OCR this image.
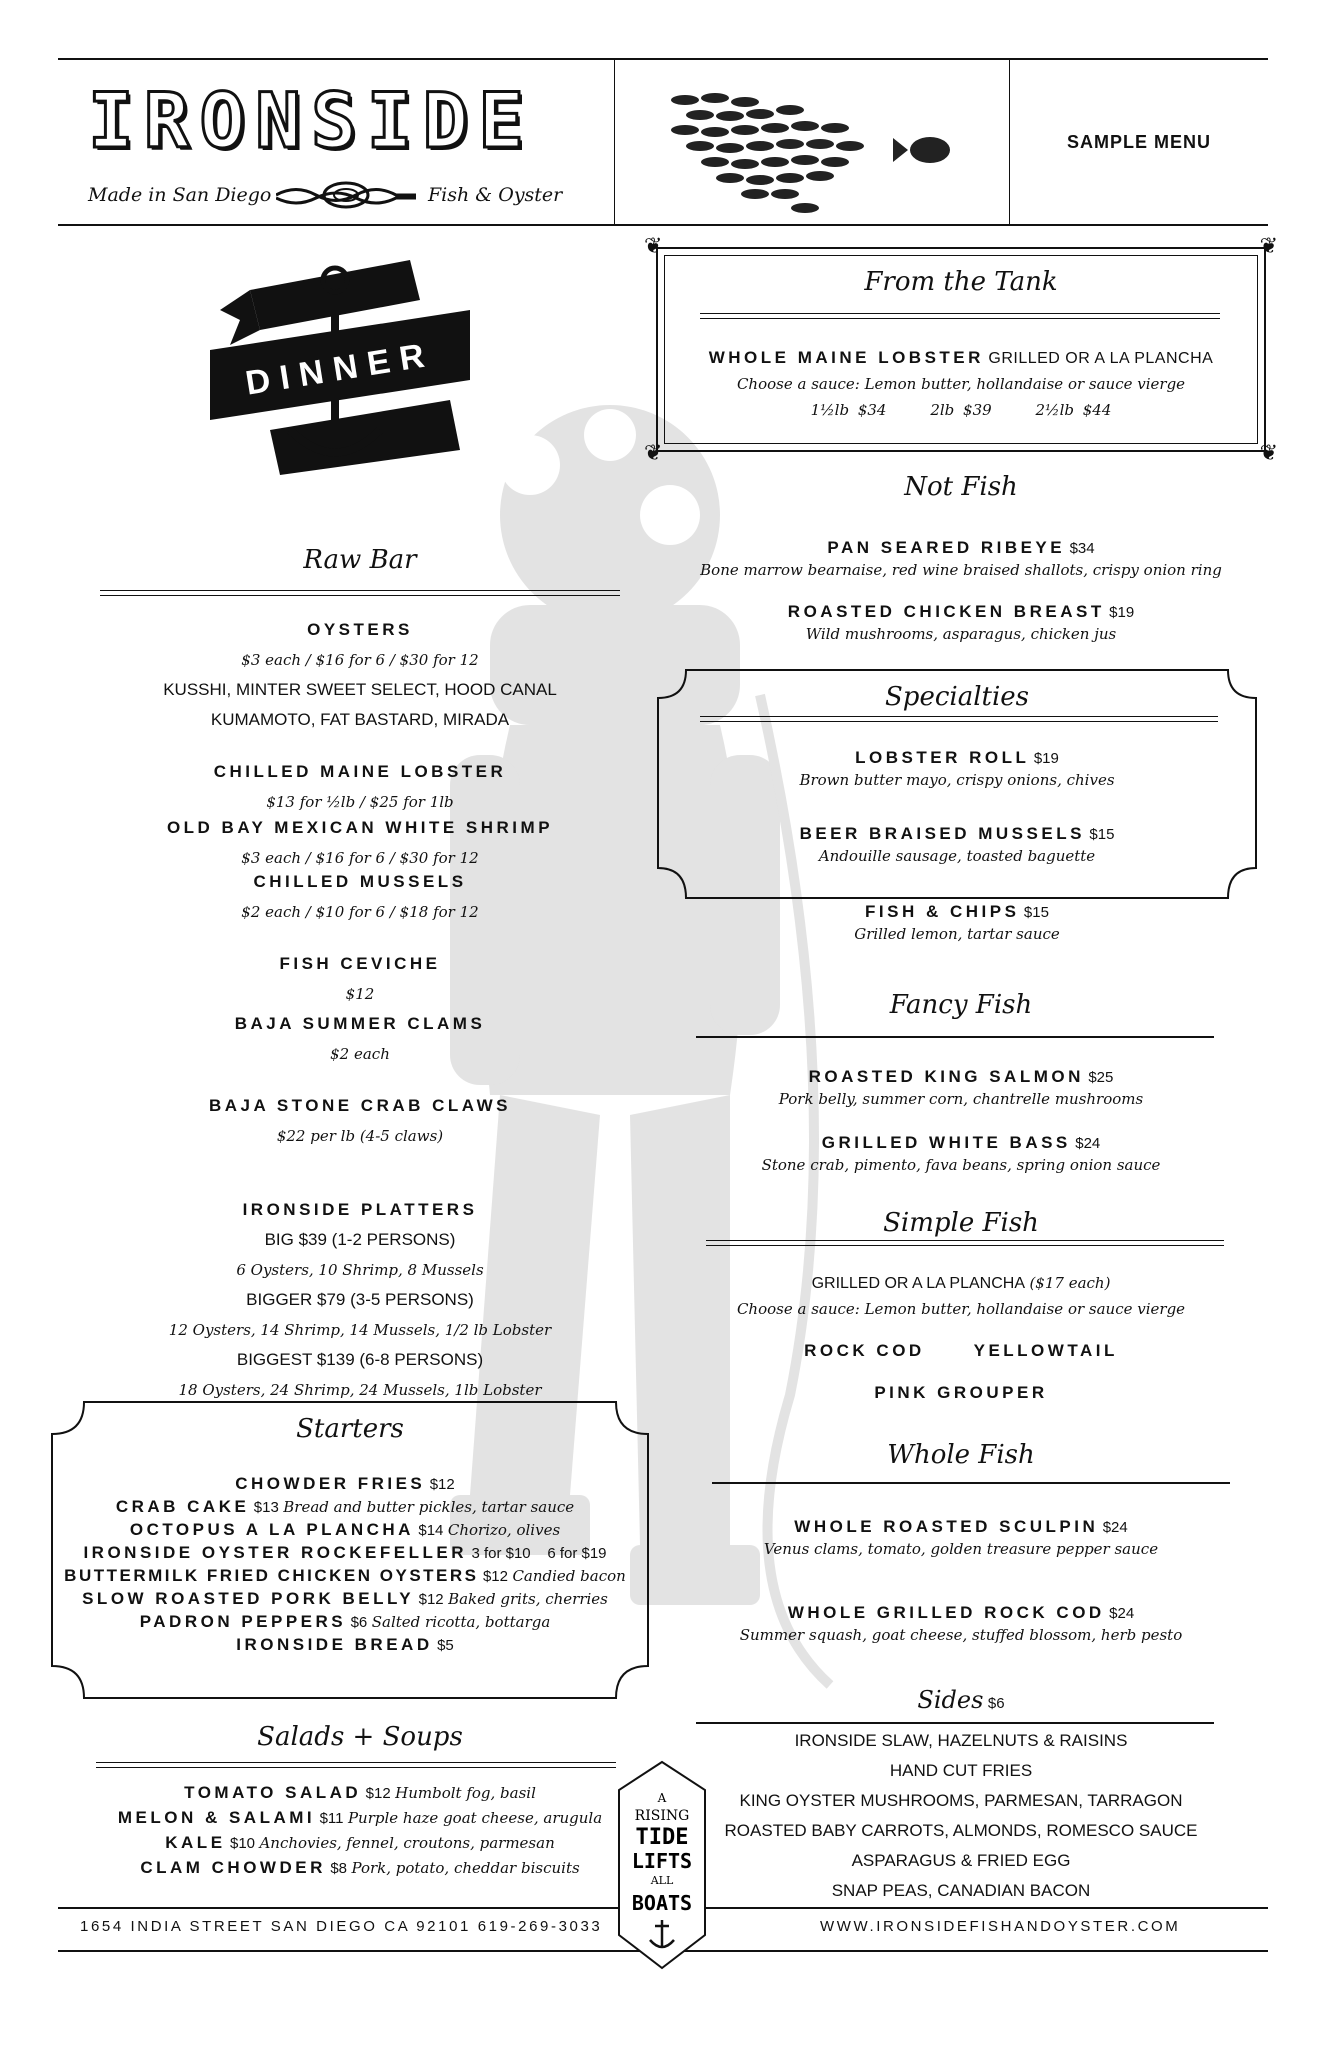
IRONSIDE
Made in San Diego	Fish & Oyster
SAMPLE MENU
DINNER
❦	❦
❦	❦
From the Tank
WHOLE MAINE LOBSTER GRILLED OR A LA PLANCHA
Choose a sauce: Lemon butter, hollandaise or sauce vierge
1½lb $34	2lb $39	2½lb $44
Not Fish
PAN SEARED RIBEYE $34
Bone marrow bearnaise, red wine braised shallots, crispy onion ring
ROASTED CHICKEN BREAST $19
Wild mushrooms, asparagus, chicken jus
Specialties
LOBSTER ROLL $19
Brown butter mayo, crispy onions, chives
BEER BRAISED MUSSELS $15
Andouille sausage, toasted baguette
FISH & CHIPS $15
Grilled lemon, tartar sauce
Fancy Fish
ROASTED KING SALMON $25
Pork belly, summer corn, chantrelle mushrooms
GRILLED WHITE BASS $24
Stone crab, pimento, fava beans, spring onion sauce
Simple Fish
GRILLED OR A LA PLANCHA ($17 each)
Choose a sauce: Lemon butter, hollandaise or sauce vierge
ROCK COD	YELLOWTAIL
PINK GROUPER
Whole Fish
WHOLE ROASTED SCULPIN $24
Venus clams, tomato, golden treasure pepper sauce
WHOLE GRILLED ROCK COD $24
Summer squash, goat cheese, stuffed blossom, herb pesto
Sides $6
IRONSIDE SLAW, HAZELNUTS & RAISINS
HAND CUT FRIES
KING OYSTER MUSHROOMS, PARMESAN, TARRAGON
ROASTED BABY CARROTS, ALMONDS, ROMESCO SAUCE
ASPARAGUS & FRIED EGG
SNAP PEAS, CANADIAN BACON
Raw Bar
OYSTERS
$3 each / $16 for 6 / $30 for 12
KUSSHI, MINTER SWEET SELECT, HOOD CANAL
KUMAMOTO, FAT BASTARD, MIRADA
CHILLED MAINE LOBSTER
$13 for ½lb / $25 for 1lb
OLD BAY MEXICAN WHITE SHRIMP
$3 each / $16 for 6 / $30 for 12
CHILLED MUSSELS
$2 each / $10 for 6 / $18 for 12
FISH CEVICHE
$12
BAJA SUMMER CLAMS
$2 each
BAJA STONE CRAB CLAWS
$22 per lb (4-5 claws)
IRONSIDE PLATTERS
BIG $39 (1-2 PERSONS)
6 Oysters, 10 Shrimp, 8 Mussels
BIGGER $79 (3-5 PERSONS)
12 Oysters, 14 Shrimp, 14 Mussels, 1/2 lb Lobster
BIGGEST $139 (6-8 PERSONS)
18 Oysters, 24 Shrimp, 24 Mussels, 1lb Lobster
Starters
CHOWDER FRIES $12
CRAB CAKE $13 Bread and butter pickles, tartar sauce
OCTOPUS A LA PLANCHA $14 Chorizo, olives
IRONSIDE OYSTER ROCKEFELLER 3 for $10    6 for $19
BUTTERMILK FRIED CHICKEN OYSTERS $12 Candied bacon
SLOW ROASTED PORK BELLY $12 Baked grits, cherries
PADRON PEPPERS $6 Salted ricotta, bottarga
IRONSIDE BREAD $5
Salads + Soups
TOMATO SALAD $12 Humbolt fog, basil
MELON & SALAMI $11 Purple haze goat cheese, arugula
KALE $10 Anchovies, fennel, croutons, parmesan
CLAM CHOWDER $8 Pork, potato, cheddar biscuits
1654 INDIA STREET SAN DIEGO CA 92101 619-269-3033	WWW.IRONSIDEFISHANDOYSTER.COM
A
RISING
TIDE
LIFTS
ALL
BOATS
